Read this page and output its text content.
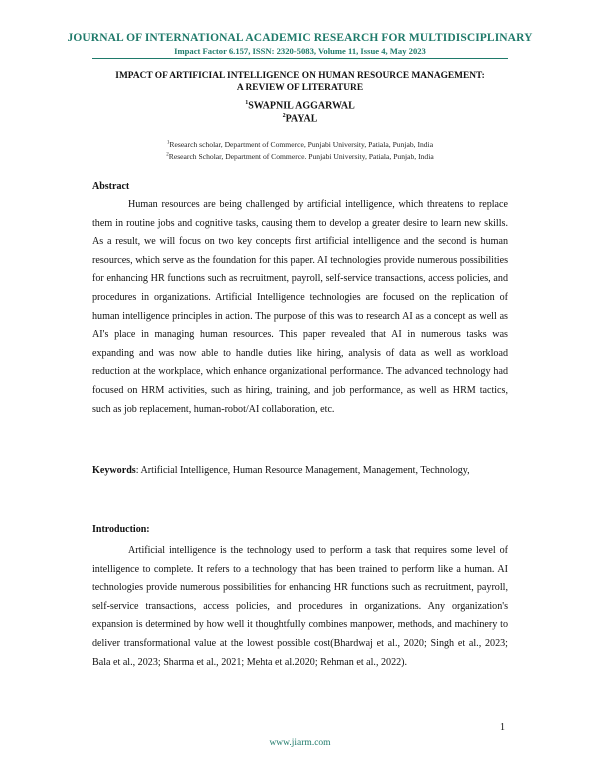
JOURNAL OF INTERNATIONAL ACADEMIC RESEARCH FOR MULTIDISCIPLINARY
Impact Factor 6.157, ISSN: 2320-5083, Volume 11, Issue 4, May 2023
IMPACT OF ARTIFICIAL INTELLIGENCE ON HUMAN RESOURCE MANAGEMENT:
A REVIEW OF LITERATURE
$^1$SWAPNIL AGGARWAL
$^2$PAYAL
$^1$Research scholar, Department of Commerce, Punjabi University, Patiala, Punjab, India
$^2$Research Scholar, Department of Commerce. Punjabi University, Patiala, Punjab, India
Abstract

Human resources are being challenged by artificial intelligence, which threatens to replace them in routine jobs and cognitive tasks, causing them to develop a greater desire to learn new skills. As a result, we will focus on two key concepts first artificial intelligence and the second is human resources, which serve as the foundation for this paper. AI technologies provide numerous possibilities for enhancing HR functions such as recruitment, payroll, self-service transactions, access policies, and procedures in organizations. Artificial Intelligence technologies are focused on the replication of human intelligence principles in action. The purpose of this was to research AI as a concept as well as AI's place in managing human resources. This paper revealed that AI in numerous tasks was expanding and was now able to handle duties like hiring, analysis of data as well as workload reduction at the workplace, which enhance organizational performance. The advanced technology had focused on HRM activities, such as hiring, training, and job performance, as well as HRM tactics, such as job replacement, human-robot/AI collaboration, etc.

Keywords: Artificial Intelligence, Human Resource Management, Management, Technology,
Introduction:

Artificial intelligence is the technology used to perform a task that requires some level of intelligence to complete. It refers to a technology that has been trained to perform like a human. AI technologies provide numerous possibilities for enhancing HR functions such as recruitment, payroll, self-service transactions, access policies, and procedures in organizations. Any organization's expansion is determined by how well it thoughtfully combines manpower, methods, and machinery to deliver transformational value at the lowest possible cost(Bhardwaj et al., 2020; Singh et al., 2023; Bala et al., 2023; Sharma et al., 2021; Mehta et al.2020; Rehman et al., 2022).

1
www.jiarm.com
